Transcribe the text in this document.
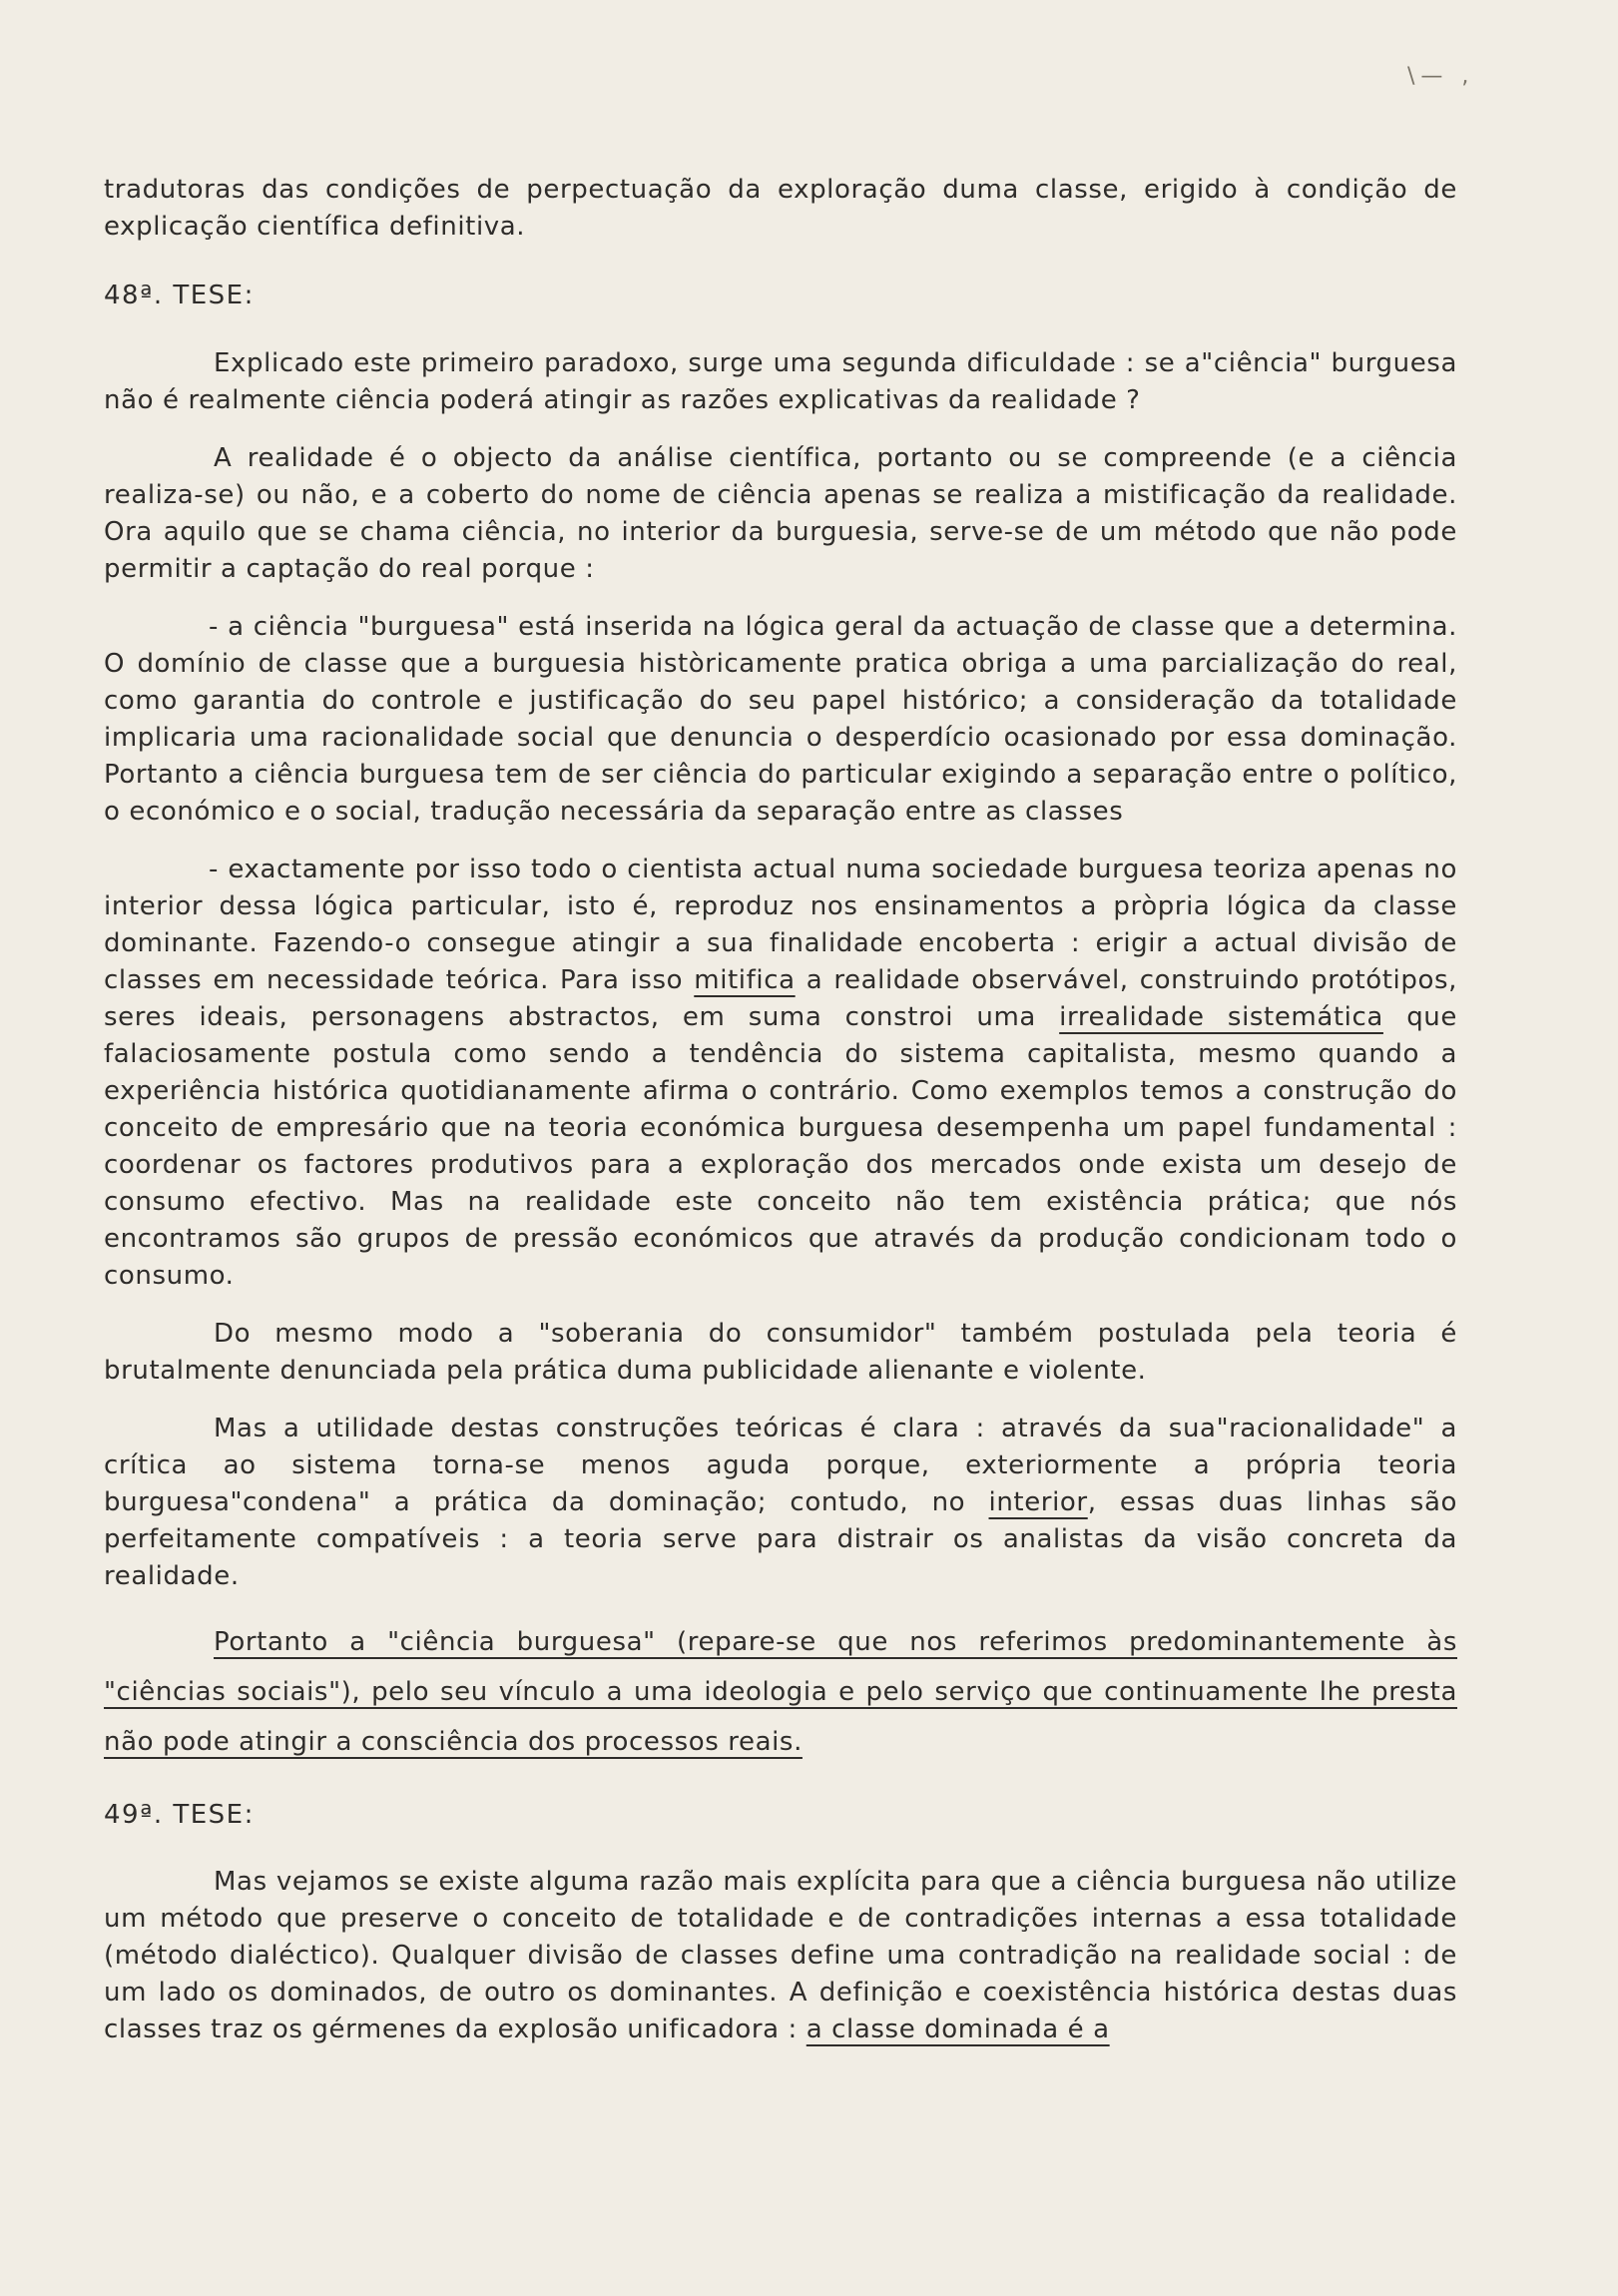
\— ,

tradutoras das condições de perpectuação da exploração duma classe, erigido à condição de explicação científica definitiva.

48ª. TESE:

Explicado este primeiro paradoxo, surge uma segunda dificuldade : se a"ciência" burguesa não é realmente ciência poderá atingir as razões explicativas da realidade ?

A realidade é o objecto da análise científica, portanto ou se compreende (e a ciência realiza-se) ou não, e a coberto do nome de ciência apenas se realiza a mistificação da realidade. Ora aquilo que se chama ciência, no interior da burguesia, serve-se de um método que não pode permitir a captação do real porque :

- a ciência "burguesa" está inserida na lógica geral da actuação de classe que a determina. O domínio de classe que a burguesia històricamente pratica obriga a uma parcialização do real, como garantia do controle e justificação do seu papel histórico; a consideração da totalidade implicaria uma racionalidade social que denuncia o desperdício ocasionado por essa dominação. Portanto a ciência burguesa tem de ser ciência do particular exigindo a separação entre o político, o económico e o social, tradução necessária da separação entre as classes

- exactamente por isso todo o cientista actual numa sociedade burguesa teoriza apenas no interior dessa lógica particular, isto é, reproduz nos ensinamentos a pròpria lógica da classe dominante. Fazendo-o consegue atingir a sua finalidade encoberta : erigir a actual divisão de classes em necessidade teórica. Para isso mitifica a realidade observável, construindo protótipos, seres ideais, personagens abstractos, em suma constroi uma irrealidade sistemática que falaciosamente postula como sendo a tendência do sistema capitalista, mesmo quando a experiência histórica quotidianamente afirma o contrário. Como exemplos temos a construção do conceito de empresário que na teoria económica burguesa desempenha um papel fundamental : coordenar os factores produtivos para a exploração dos mercados onde exista um desejo de consumo efectivo. Mas na realidade este conceito não tem existência prática; que nós encontramos são grupos de pressão económicos que através da produção condicionam todo o consumo.

Do mesmo modo a "soberania do consumidor" também postulada pela teoria é brutalmente denunciada pela prática duma publicidade alienante e violente.

Mas a utilidade destas construções teóricas é clara : através da sua"racionalidade" a crítica ao sistema torna-se menos aguda porque, exteriormente a própria teoria burguesa"condena" a prática da dominação; contudo, no interior, essas duas linhas são perfeitamente compatíveis : a teoria serve para distrair os analistas da visão concreta da realidade.

Portanto a "ciência burguesa" (repare-se que nos referimos predominantemente às "ciências sociais"), pelo seu vínculo a uma ideologia e pelo serviço que continuamente lhe presta não pode atingir a consciência dos processos reais.

49ª. TESE:

Mas vejamos se existe alguma razão mais explícita para que a ciência burguesa não utilize um método que preserve o conceito de totalidade e de contradições internas a essa totalidade (método dialéctico). Qualquer divisão de classes define uma contradição na realidade social : de um lado os dominados, de outro os dominantes. A definição e coexistência histórica destas duas classes traz os gérmenes da explosão unificadora : a classe dominada é a
